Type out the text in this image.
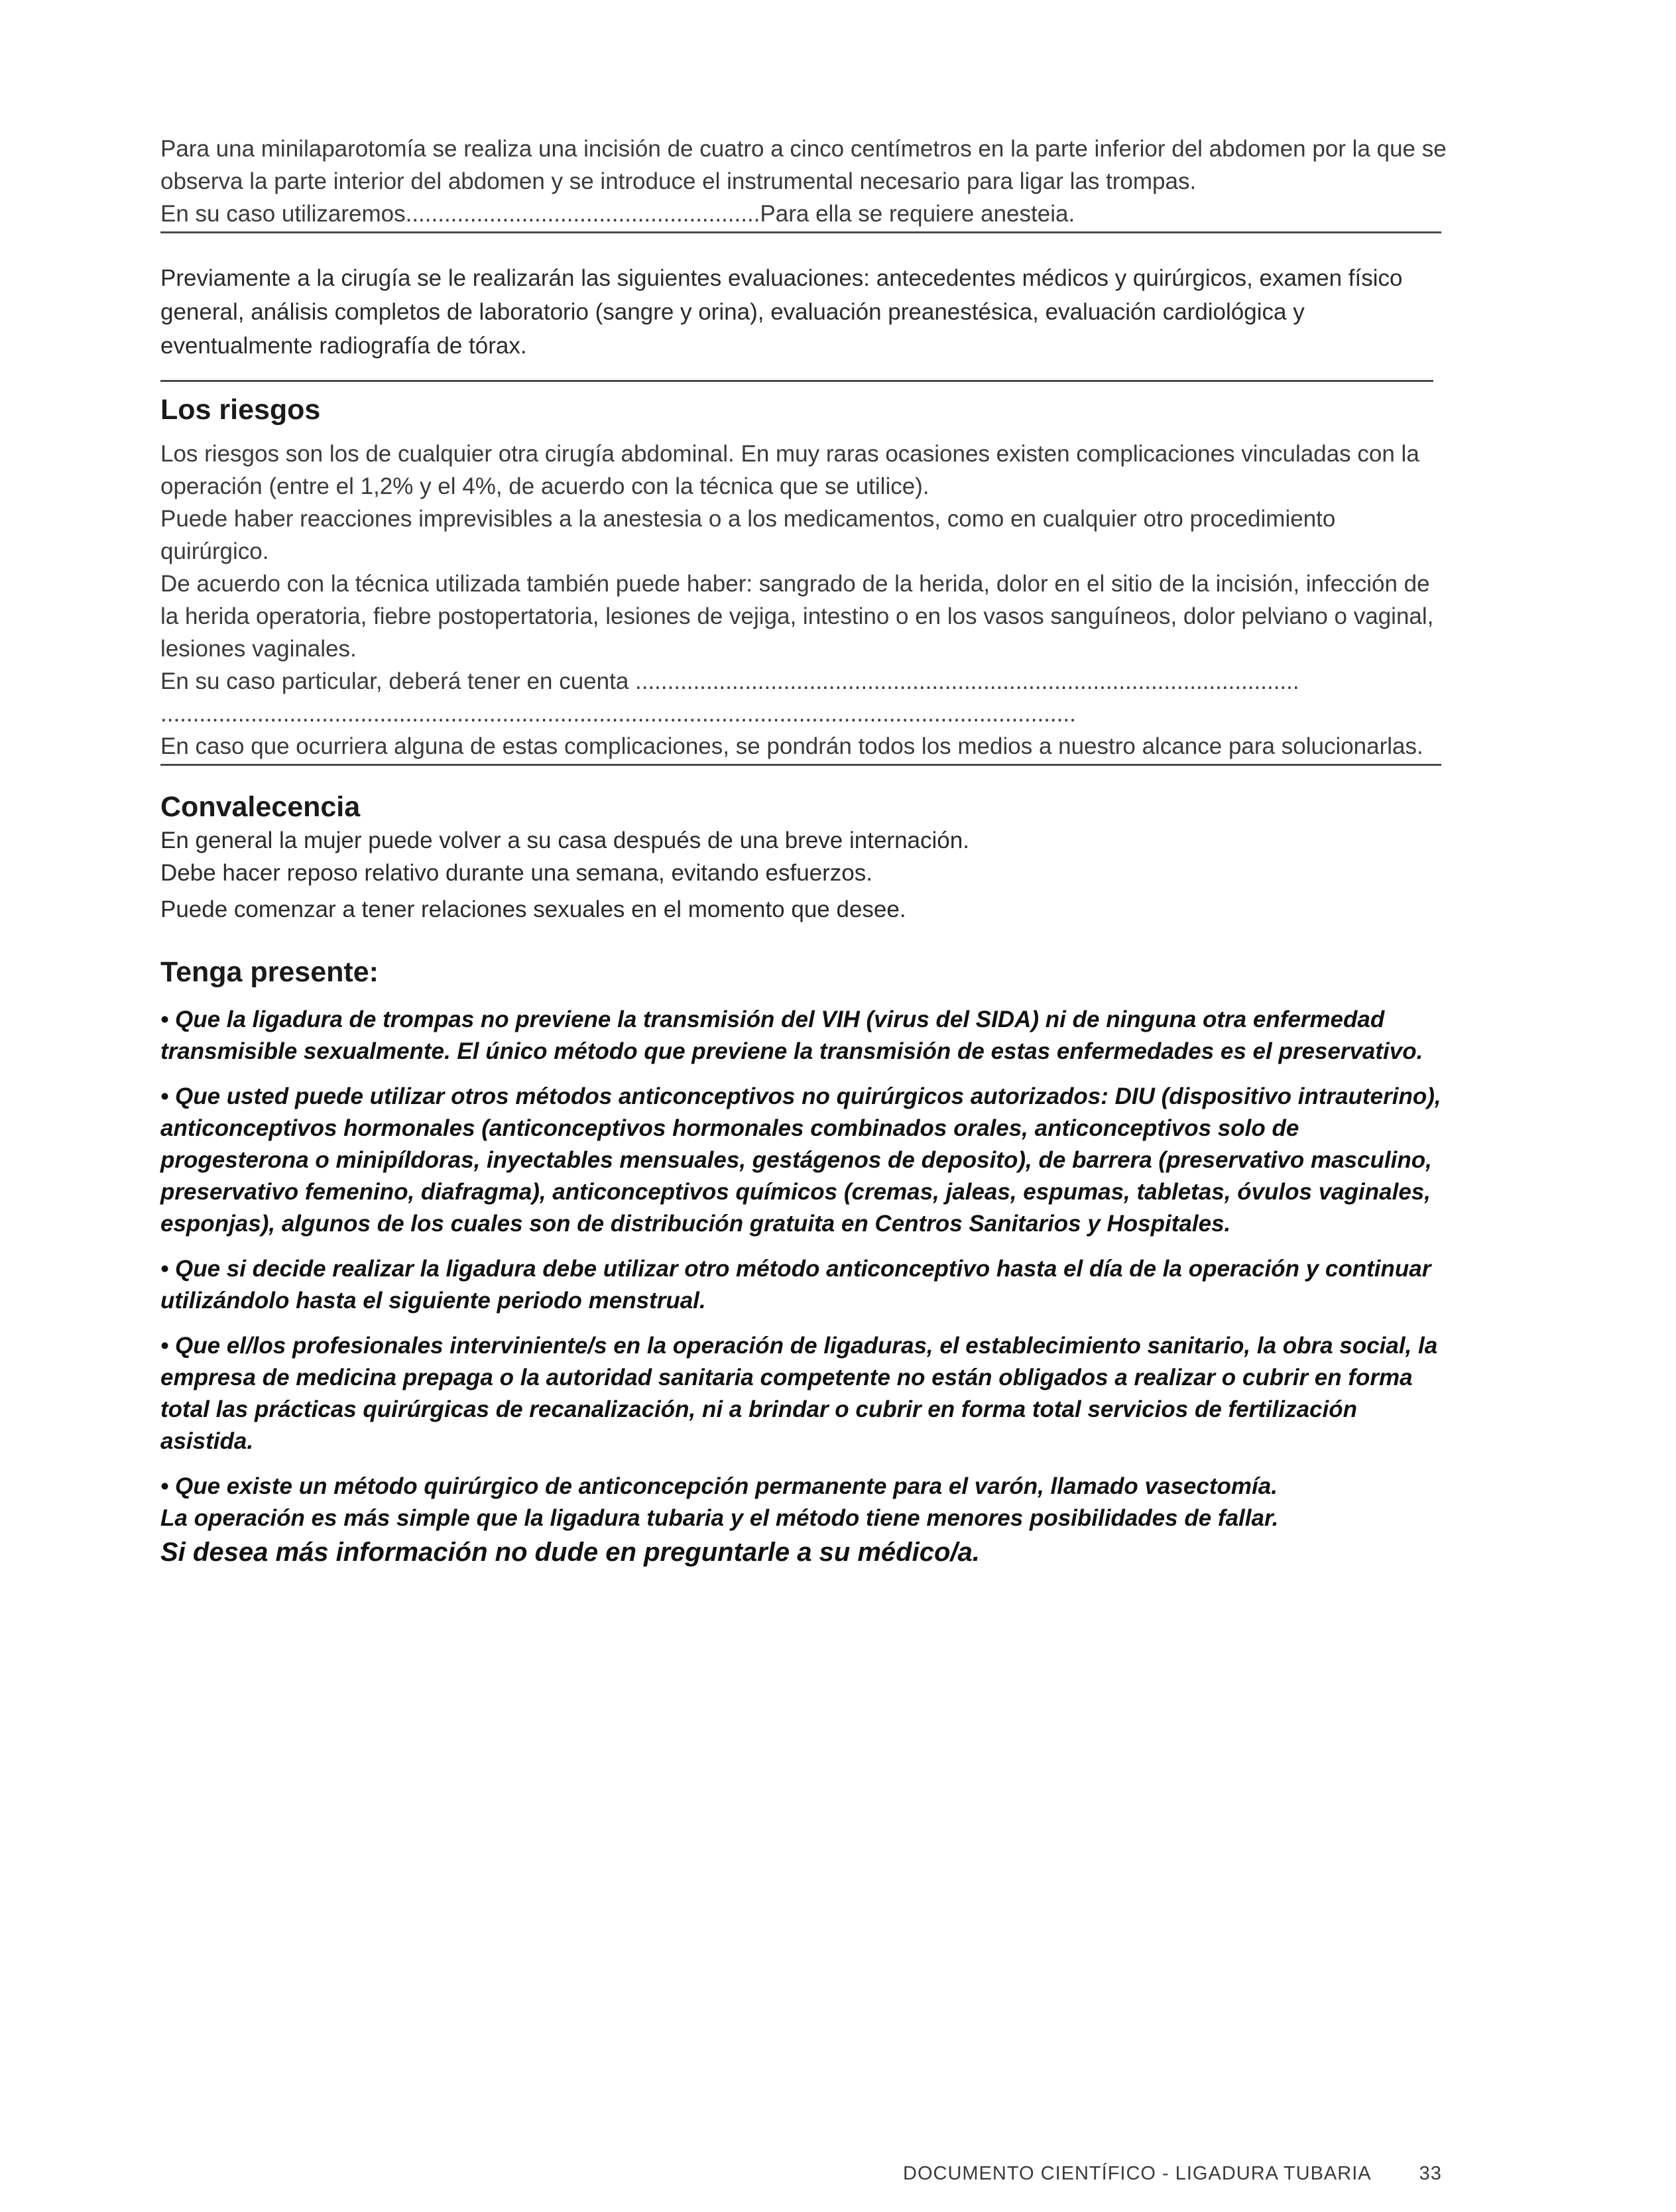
Para una minilaparotomía se realiza una incisión de cuatro a cinco centímetros en la parte inferior del abdomen por la que se observa la parte interior del abdomen y se introduce el instrumental necesario para ligar las trompas.

En su caso utilizaremos.......................................................Para ella se requiere anesteia.

Previamente a la cirugía se le realizarán las siguientes evaluaciones: antecedentes médicos y quirúrgicos, examen físico general, análisis completos de laboratorio (sangre y orina), evaluación preanestésica, evaluación cardiológica y eventualmente radiografía de tórax.

Los riesgos

Los riesgos son los de cualquier otra cirugía abdominal. En muy raras ocasiones existen complicaciones vinculadas con la operación (entre el 1,2% y el 4%, de acuerdo con la técnica que se utilice).

Puede haber reacciones imprevisibles a la anestesia o a los medicamentos, como en cualquier otro procedimiento quirúrgico.

De acuerdo con la técnica utilizada también puede haber: sangrado de la herida, dolor en el sitio de la incisión, infección de la herida operatoria, fiebre postopertatoria, lesiones de vejiga, intestino o en los vasos sanguíneos, dolor pelviano o vaginal, lesiones vaginales.

En su caso particular, deberá tener en cuenta .......................................................................................................

..............................................................................................................................................

En caso que ocurriera alguna de estas complicaciones, se pondrán todos los medios a nuestro alcance para solucionarlas.

Convalecencia

En general la mujer puede volver a su casa después de una breve internación.

Debe hacer reposo relativo durante una semana, evitando esfuerzos.

Puede comenzar a tener relaciones sexuales en el momento que desee.

Tenga presente:

• Que la ligadura de trompas no previene la transmisión del VIH (virus del SIDA) ni de ninguna otra enfermedad transmisible sexualmente. El único método que previene la transmisión de estas enfermedades es el preservativo.

• Que usted puede utilizar otros métodos anticonceptivos no quirúrgicos autorizados: DIU (dispositivo intrauterino), anticonceptivos hormonales (anticonceptivos hormonales combinados orales, anticonceptivos solo de progesterona o minipíldoras, inyectables mensuales, gestágenos de deposito), de barrera (preservativo masculino, preservativo femenino, diafragma), anticonceptivos químicos (cremas, jaleas, espumas, tabletas, óvulos vaginales, esponjas), algunos de los cuales son de distribución gratuita en Centros Sanitarios y Hospitales.

• Que si decide realizar la ligadura debe utilizar otro método anticonceptivo hasta el día de la operación y continuar utilizándolo hasta el siguiente periodo menstrual.

• Que el/los profesionales interviniente/s en la operación de ligaduras, el establecimiento sanitario, la obra social, la empresa de medicina prepaga o la autoridad sanitaria competente no están obligados a realizar o cubrir en forma total las prácticas quirúrgicas de recanalización, ni a brindar o cubrir en forma total servicios de fertilización asistida.

• Que existe un método quirúrgico de anticoncepción permanente para el varón, llamado vasectomía.

La operación es más simple que la ligadura tubaria y el método tiene menores posibilidades de fallar.

Si desea más información no dude en preguntarle a su médico/a.

DOCUMENTO CIENTÍFICO - LIGADURA TUBARIA 33
